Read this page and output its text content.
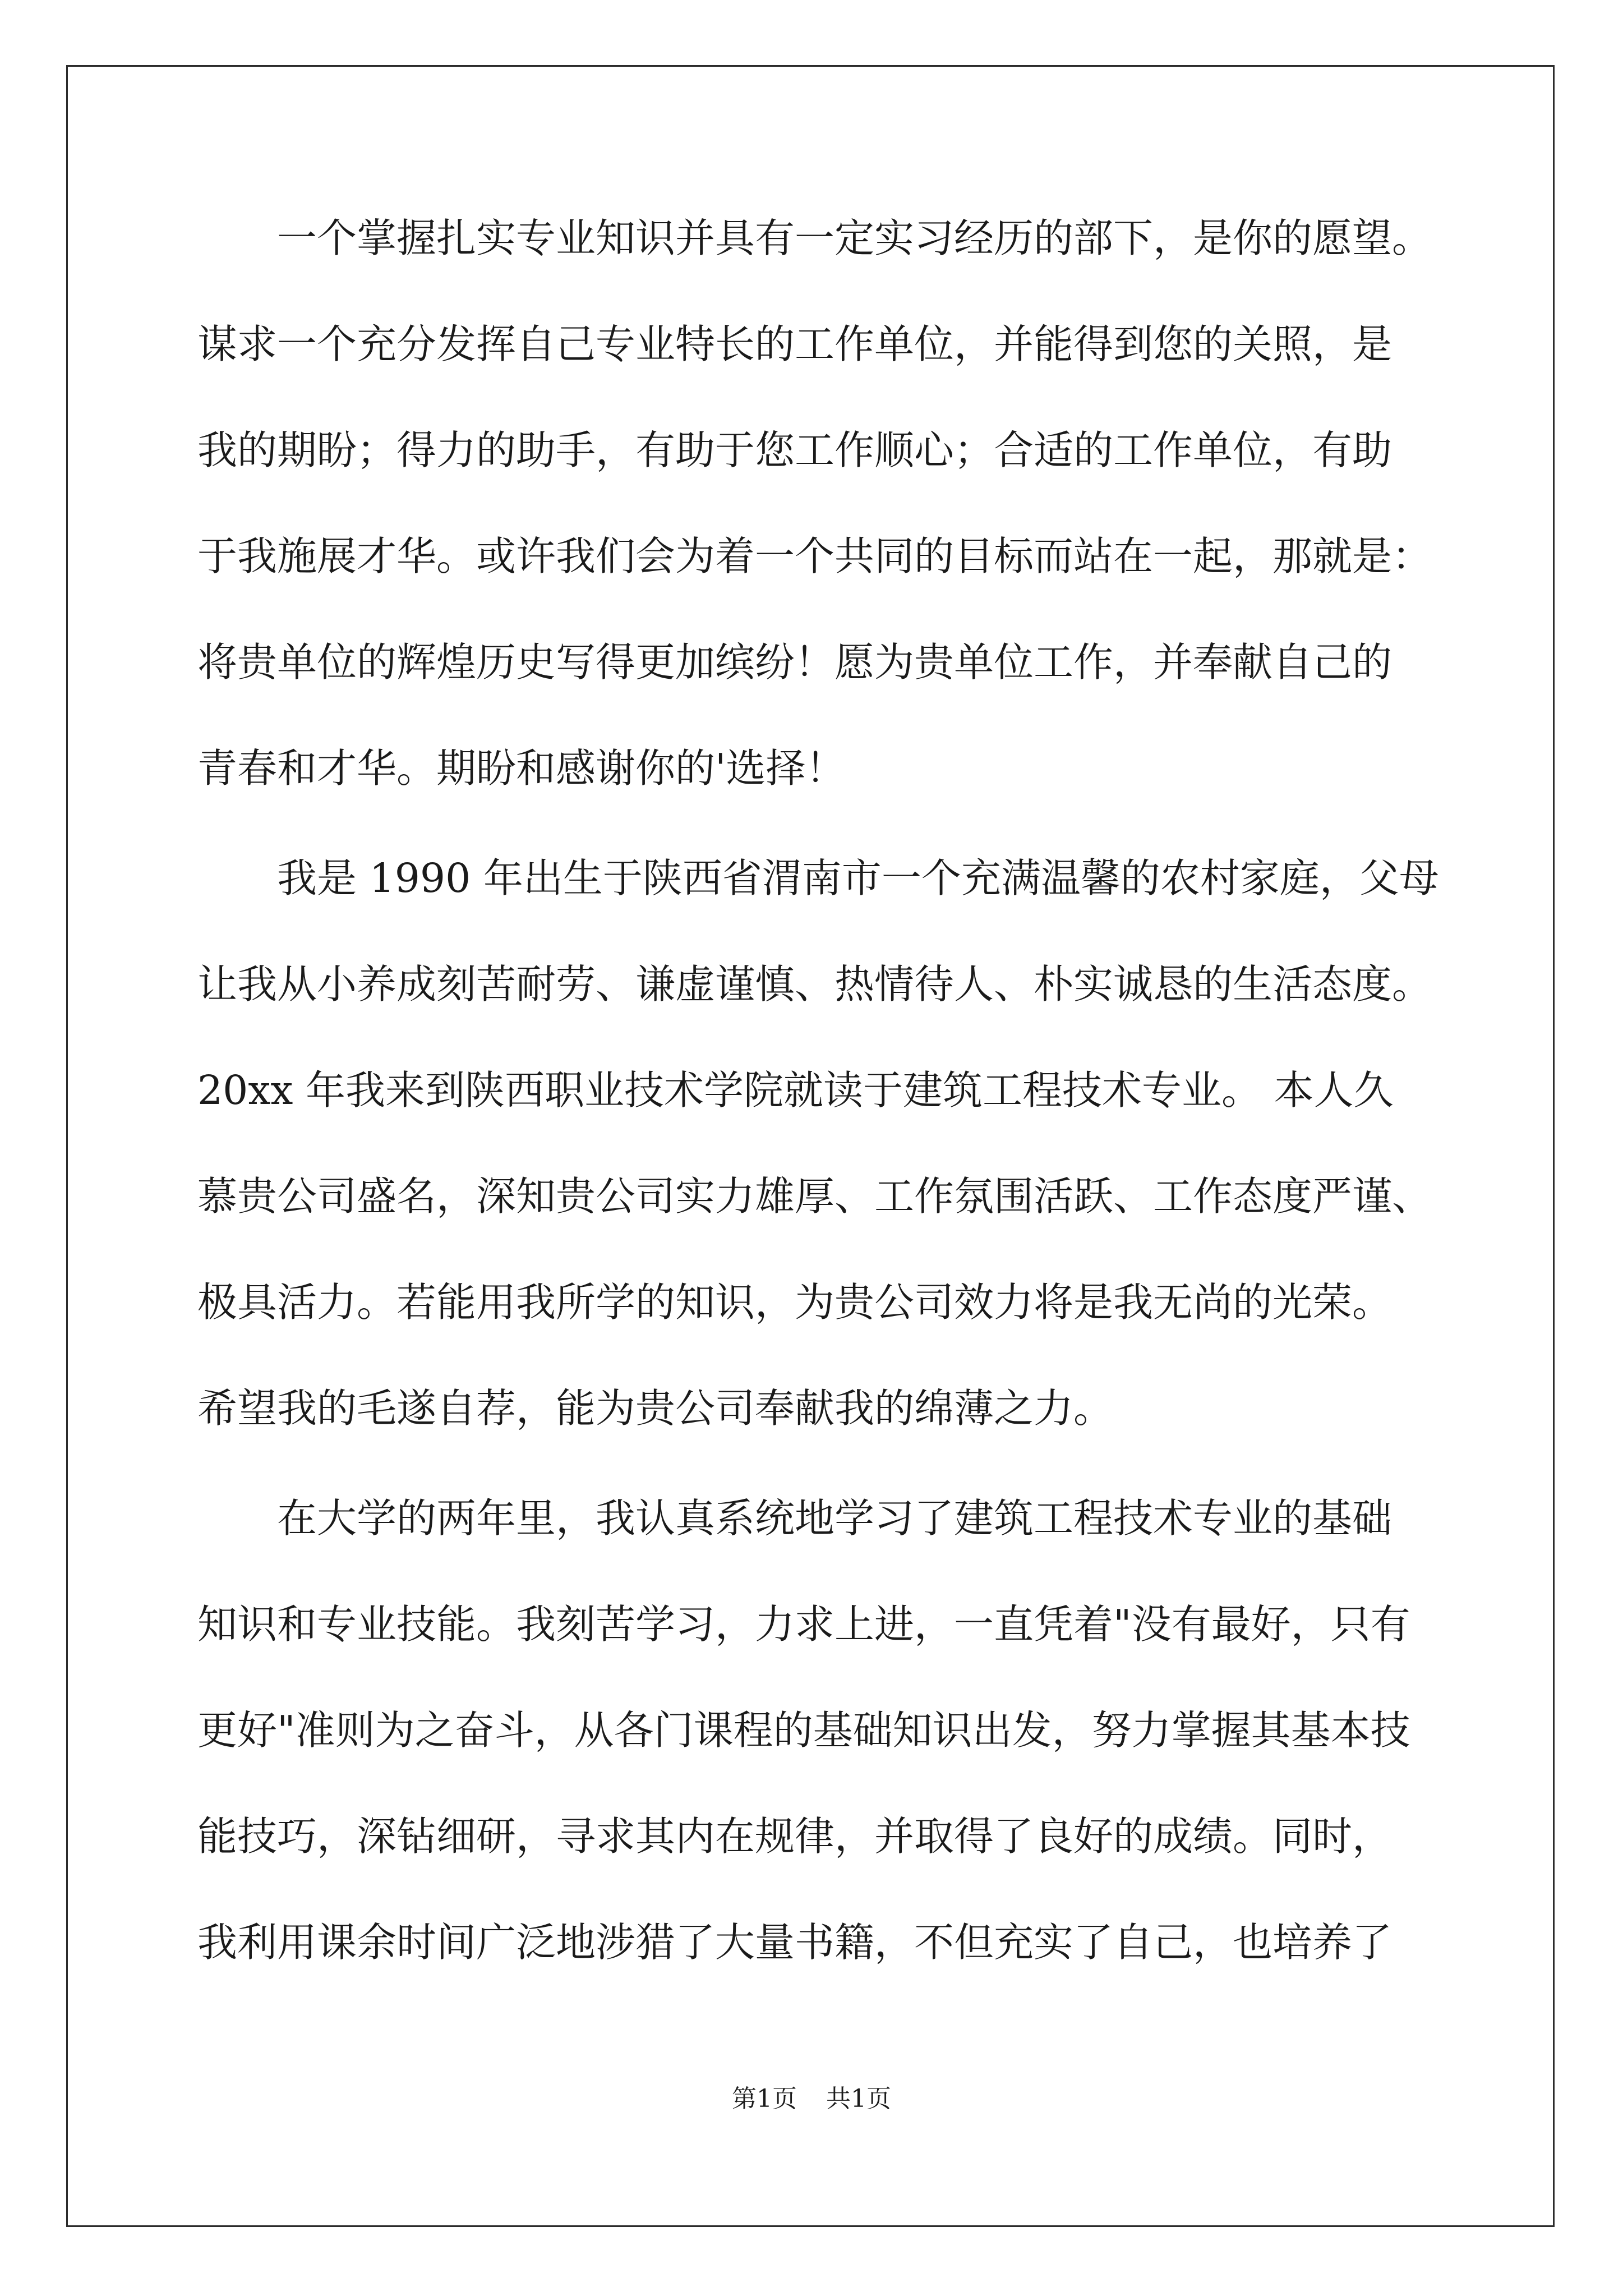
一个掌握扎实专业知识并具有一定实习经历的部下，是你的愿望。
谋求一个充分发挥自己专业特长的工作单位，并能得到您的关照，是
我的期盼；得力的助手，有助于您工作顺心；合适的工作单位，有助
于我施展才华。或许我们会为着一个共同的目标而站在一起，那就是：
将贵单位的辉煌历史写得更加缤纷！愿为贵单位工作，并奉献自己的
青春和才华。期盼和感谢你的'选择！
我是 1990 年出生于陕西省渭南市一个充满温馨的农村家庭，父母
让我从小养成刻苦耐劳、谦虚谨慎、热情待人、朴实诚恳的生活态度。
20xx 年我来到陕西职业技术学院就读于建筑工程技术专业。 本人久
慕贵公司盛名，深知贵公司实力雄厚、工作氛围活跃、工作态度严谨、
极具活力。若能用我所学的知识，为贵公司效力将是我无尚的光荣。
希望我的毛遂自荐，能为贵公司奉献我的绵薄之力。
在大学的两年里，我认真系统地学习了建筑工程技术专业的基础
知识和专业技能。我刻苦学习，力求上进，一直凭着"没有最好，只有
更好"准则为之奋斗，从各门课程的基础知识出发，努力掌握其基本技
能技巧，深钻细研，寻求其内在规律，并取得了良好的成绩。同时，
我利用课余时间广泛地涉猎了大量书籍，不但充实了自己，也培养了
第1页 共1页
